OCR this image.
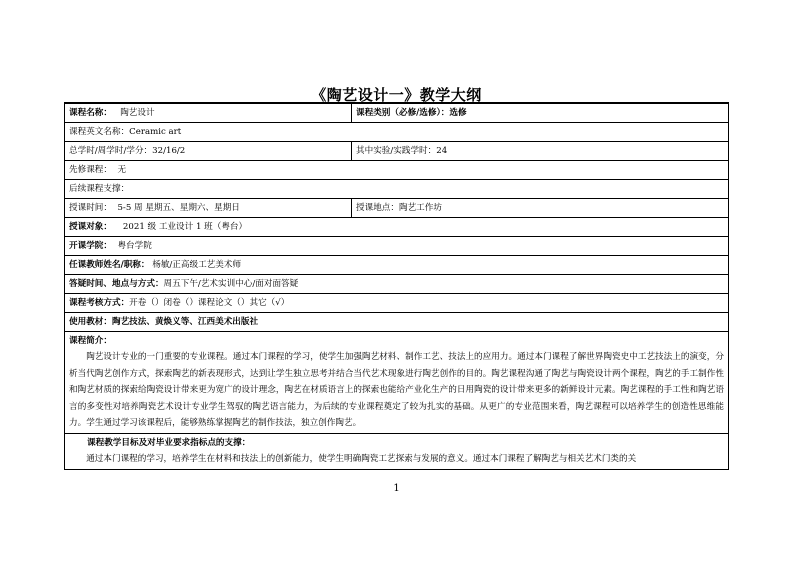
《陶艺设计一》教学大纲
课程名称： 陶艺设计	课程类别（必修/选修）：选修
课程英文名称：Ceramic art	
总学时/周学时/学分：32/16/2	其中实验/实践学时：24
先修课程： 无	
后续课程支撑：	
授课时间： 5-5 周 星期五、星期六、星期日	授课地点：陶艺工作坊
授课对象： 2021 级 工业设计 1 班（粤台）	
开课学院： 粤台学院	
任课教师姓名/职称： 杨敏/正高级工艺美术师	
答疑时间、地点与方式：周五下午/艺术实训中心/面对面答疑	
课程考核方式：开卷（）闭卷（）课程论文（）其它（√）	
使用教材：陶艺技法、黄焕义等、江西美术出版社	

课程简介：

陶艺设计专业的一门重要的专业课程。通过本门课程的学习，使学生加强陶艺材料、制作工艺、技法上的应用力。通过本门课程了解世界陶瓷史中工艺技法上的演变，分析当代陶艺创作方式，探索陶艺的新表现形式，达到让学生独立思考并结合当代艺术现象进行陶艺创作的目的。陶艺课程沟通了陶艺与陶瓷设计两个课程，陶艺的手工制作性和陶艺材质的探索给陶瓷设计带来更为宽广的设计理念，陶艺在材质语言上的探索也能给产业化生产的日用陶瓷的设计带来更多的新鲜设计元素。陶艺课程的手工性和陶艺语言的多变性对培养陶瓷艺术设计专业学生驾驭的陶艺语言能力，为后续的专业课程奠定了较为扎实的基础。从更广的专业范围来看，陶艺课程可以培养学生的创造性思维能力。学生通过学习该课程后，能够熟练掌握陶艺的制作技法，独立创作陶艺。	

课程教学目标及对毕业要求指标点的支撑：

通过本门课程的学习，培养学生在材料和技法上的创新能力，使学生明确陶瓷工艺探索与发展的意义。通过本门课程了解陶艺与相关艺术门类的关	

1
